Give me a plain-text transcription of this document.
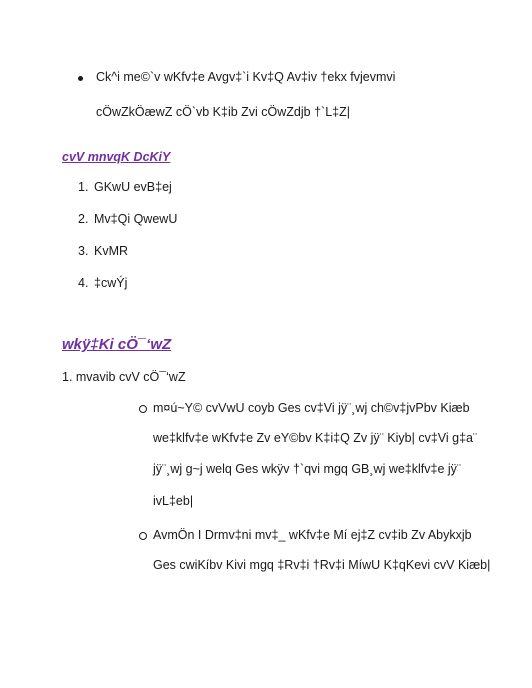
Ck^i me©`v wKfv‡e Avgv‡`i Kv‡Q Av‡iv †ekx fvjevmvi
cÖwZkÖæwZ cÖ`vb K‡ib Zvi cÖwZdjb †`L‡Z|
cvV mnvqK DcKiY
1. GKwU evB‡ej
2. Mv‡Qi QwewU
3. KvMR
4. ‡cwÝj
wkÿ‡Ki cÖ¯‘wZ
1. mvavib cvV cÖ¯‘wZ
m¤ú~Y© cvVwU coyb Ges cv‡Vi jÿ¨¸wj ch©v‡jvPbv Kiæb
we‡klfv‡e wKfv‡e Zv eY©bv K‡i‡Q Zv jÿ¨ Kiyb| cv‡Vi g‡a¨
jÿ¨¸wj g~j welq Ges wkÿv †`qvi mgq GB¸wj we‡klfv‡e jÿ¨
ivL‡eb|
AvmÖn I Drmv‡ni mv‡_ wKfv‡e Mí ej‡Z cv‡ib Zv Abykxjb
Ges cwiKíbv Kivi mgq ‡Rv‡i †Rv‡i MíwU K‡qKevi cvV Kiæb|
